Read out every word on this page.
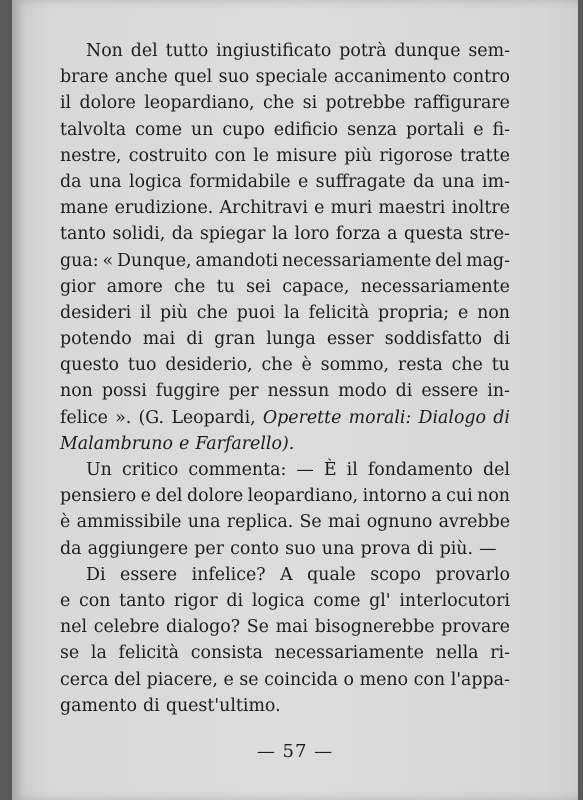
Non del tutto ingiustificato potrà dunque sem-
brare anche quel suo speciale accanimento contro
il dolore leopardiano, che si potrebbe raffigurare
talvolta come un cupo edificio senza portali e fi-
nestre, costruito con le misure più rigorose tratte
da una logica formidabile e suffragate da una im-
mane erudizione. Architravi e muri maestri inoltre
tanto solidi, da spiegar la loro forza a questa stre-
gua: « Dunque, amandoti necessariamente del mag-
gior amore che tu sei capace, necessariamente
desideri il più che puoi la felicità propria; e non
potendo mai di gran lunga esser soddisfatto di
questo tuo desiderio, che è sommo, resta che tu
non possi fuggire per nessun modo di essere in-
felice ». (G. Leopardi, Operette morali: Dialogo di
Malambruno e Farfarello).
Un critico commenta: — È il fondamento del
pensiero e del dolore leopardiano, intorno a cui non
è ammissibile una replica. Se mai ognuno avrebbe
da aggiungere per conto suo una prova di più. —
Di essere infelice? A quale scopo provarlo
e con tanto rigor di logica come gl' interlocutori
nel celebre dialogo? Se mai bisognerebbe provare
se la felicità consista necessariamente nella ri-
cerca del piacere, e se coincida o meno con l'appa-
gamento di quest'ultimo.
— 57 —
